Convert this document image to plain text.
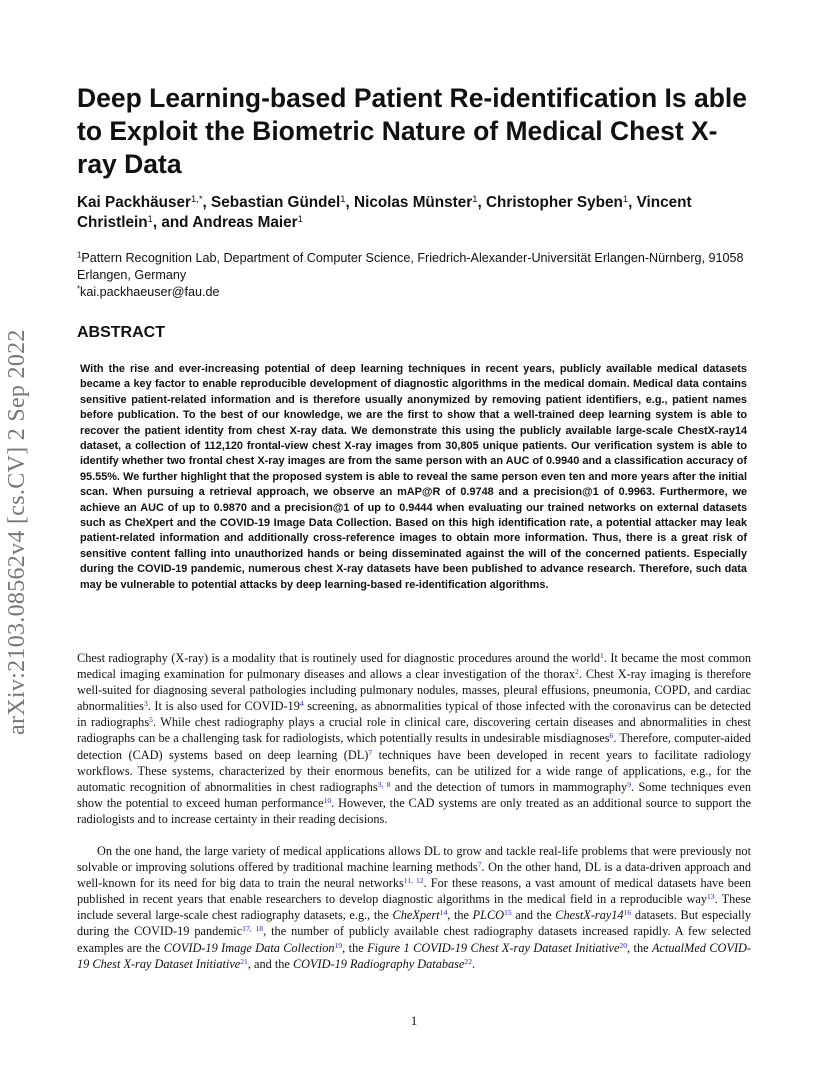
arXiv:2103.08562v4 [cs.CV] 2 Sep 2022
Deep Learning-based Patient Re-identification Is able to Exploit the Biometric Nature of Medical Chest X-ray Data
Kai Packhäuser$^{1,*}$, Sebastian Gündel$^1$, Nicolas Münster$^1$, Christopher Syben$^1$, Vincent Christlein$^1$, and Andreas Maier$^1$
$^1$Pattern Recognition Lab, Department of Computer Science, Friedrich-Alexander-Universität Erlangen-Nürnberg, 91058 Erlangen, Germany
*kai.packhaeuser@fau.de
ABSTRACT

With the rise and ever-increasing potential of deep learning techniques in recent years, publicly available medical datasets became a key factor to enable reproducible development of diagnostic algorithms in the medical domain. Medical data contains sensitive patient-related information and is therefore usually anonymized by removing patient identifiers, e.g., patient names before publication. To the best of our knowledge, we are the first to show that a well-trained deep learning system is able to recover the patient identity from chest X-ray data. We demonstrate this using the publicly available large-scale ChestX-ray14 dataset, a collection of 112,120 frontal-view chest X-ray images from 30,805 unique patients. Our verification system is able to identify whether two frontal chest X-ray images are from the same person with an AUC of 0.9940 and a classification accuracy of 95.55%. We further highlight that the proposed system is able to reveal the same person even ten and more years after the initial scan. When pursuing a retrieval approach, we observe an mAP@R of 0.9748 and a precision@1 of 0.9963. Furthermore, we achieve an AUC of up to 0.9870 and a precision@1 of up to 0.9444 when evaluating our trained networks on external datasets such as CheXpert and the COVID-19 Image Data Collection. Based on this high identification rate, a potential attacker may leak patient-related information and additionally cross-reference images to obtain more information. Thus, there is a great risk of sensitive content falling into unauthorized hands or being disseminated against the will of the concerned patients. Especially during the COVID-19 pandemic, numerous chest X-ray datasets have been published to advance research. Therefore, such data may be vulnerable to potential attacks by deep learning-based re-identification algorithms.

Chest radiography (X-ray) is a modality that is routinely used for diagnostic procedures around the world$^1$. It became the most common medical imaging examination for pulmonary diseases and allows a clear investigation of the thorax$^2$. Chest X-ray imaging is therefore well-suited for diagnosing several pathologies including pulmonary nodules, masses, pleural effusions, pneumonia, COPD, and cardiac abnormalities$^3$. It is also used for COVID-19$^4$ screening, as abnormalities typical of those infected with the coronavirus can be detected in radiographs$^5$. While chest radiography plays a crucial role in clinical care, discovering certain diseases and abnormalities in chest radiographs can be a challenging task for radiologists, which potentially results in undesirable misdiagnoses$^6$. Therefore, computer-aided detection (CAD) systems based on deep learning (DL)$^7$ techniques have been developed in recent years to facilitate radiology workflows. These systems, characterized by their enormous benefits, can be utilized for a wide range of applications, e.g., for the automatic recognition of abnormalities in chest radiographs$^{3, 8}$ and the detection of tumors in mammography$^9$. Some techniques even show the potential to exceed human performance$^{10}$. However, the CAD systems are only treated as an additional source to support the radiologists and to increase certainty in their reading decisions.

On the one hand, the large variety of medical applications allows DL to grow and tackle real-life problems that were previously not solvable or improving solutions offered by traditional machine learning methods$^7$. On the other hand, DL is a data-driven approach and well-known for its need for big data to train the neural networks$^{11, 12}$. For these reasons, a vast amount of medical datasets have been published in recent years that enable researchers to develop diagnostic algorithms in the medical field in a reproducible way$^{13}$. These include several large-scale chest radiography datasets, e.g., the CheXpert$^{14}$, the PLCO$^{15}$ and the ChestX-ray14$^{16}$ datasets. But especially during the COVID-19 pandemic$^{17, 18}$, the number of publicly available chest radiography datasets increased rapidly. A few selected examples are the COVID-19 Image Data Collection$^{19}$, the Figure 1 COVID-19 Chest X-ray Dataset Initiative$^{20}$, the ActualMed COVID-19 Chest X-ray Dataset Initiative$^{21}$, and the COVID-19 Radiography Database$^{22}$.

1
